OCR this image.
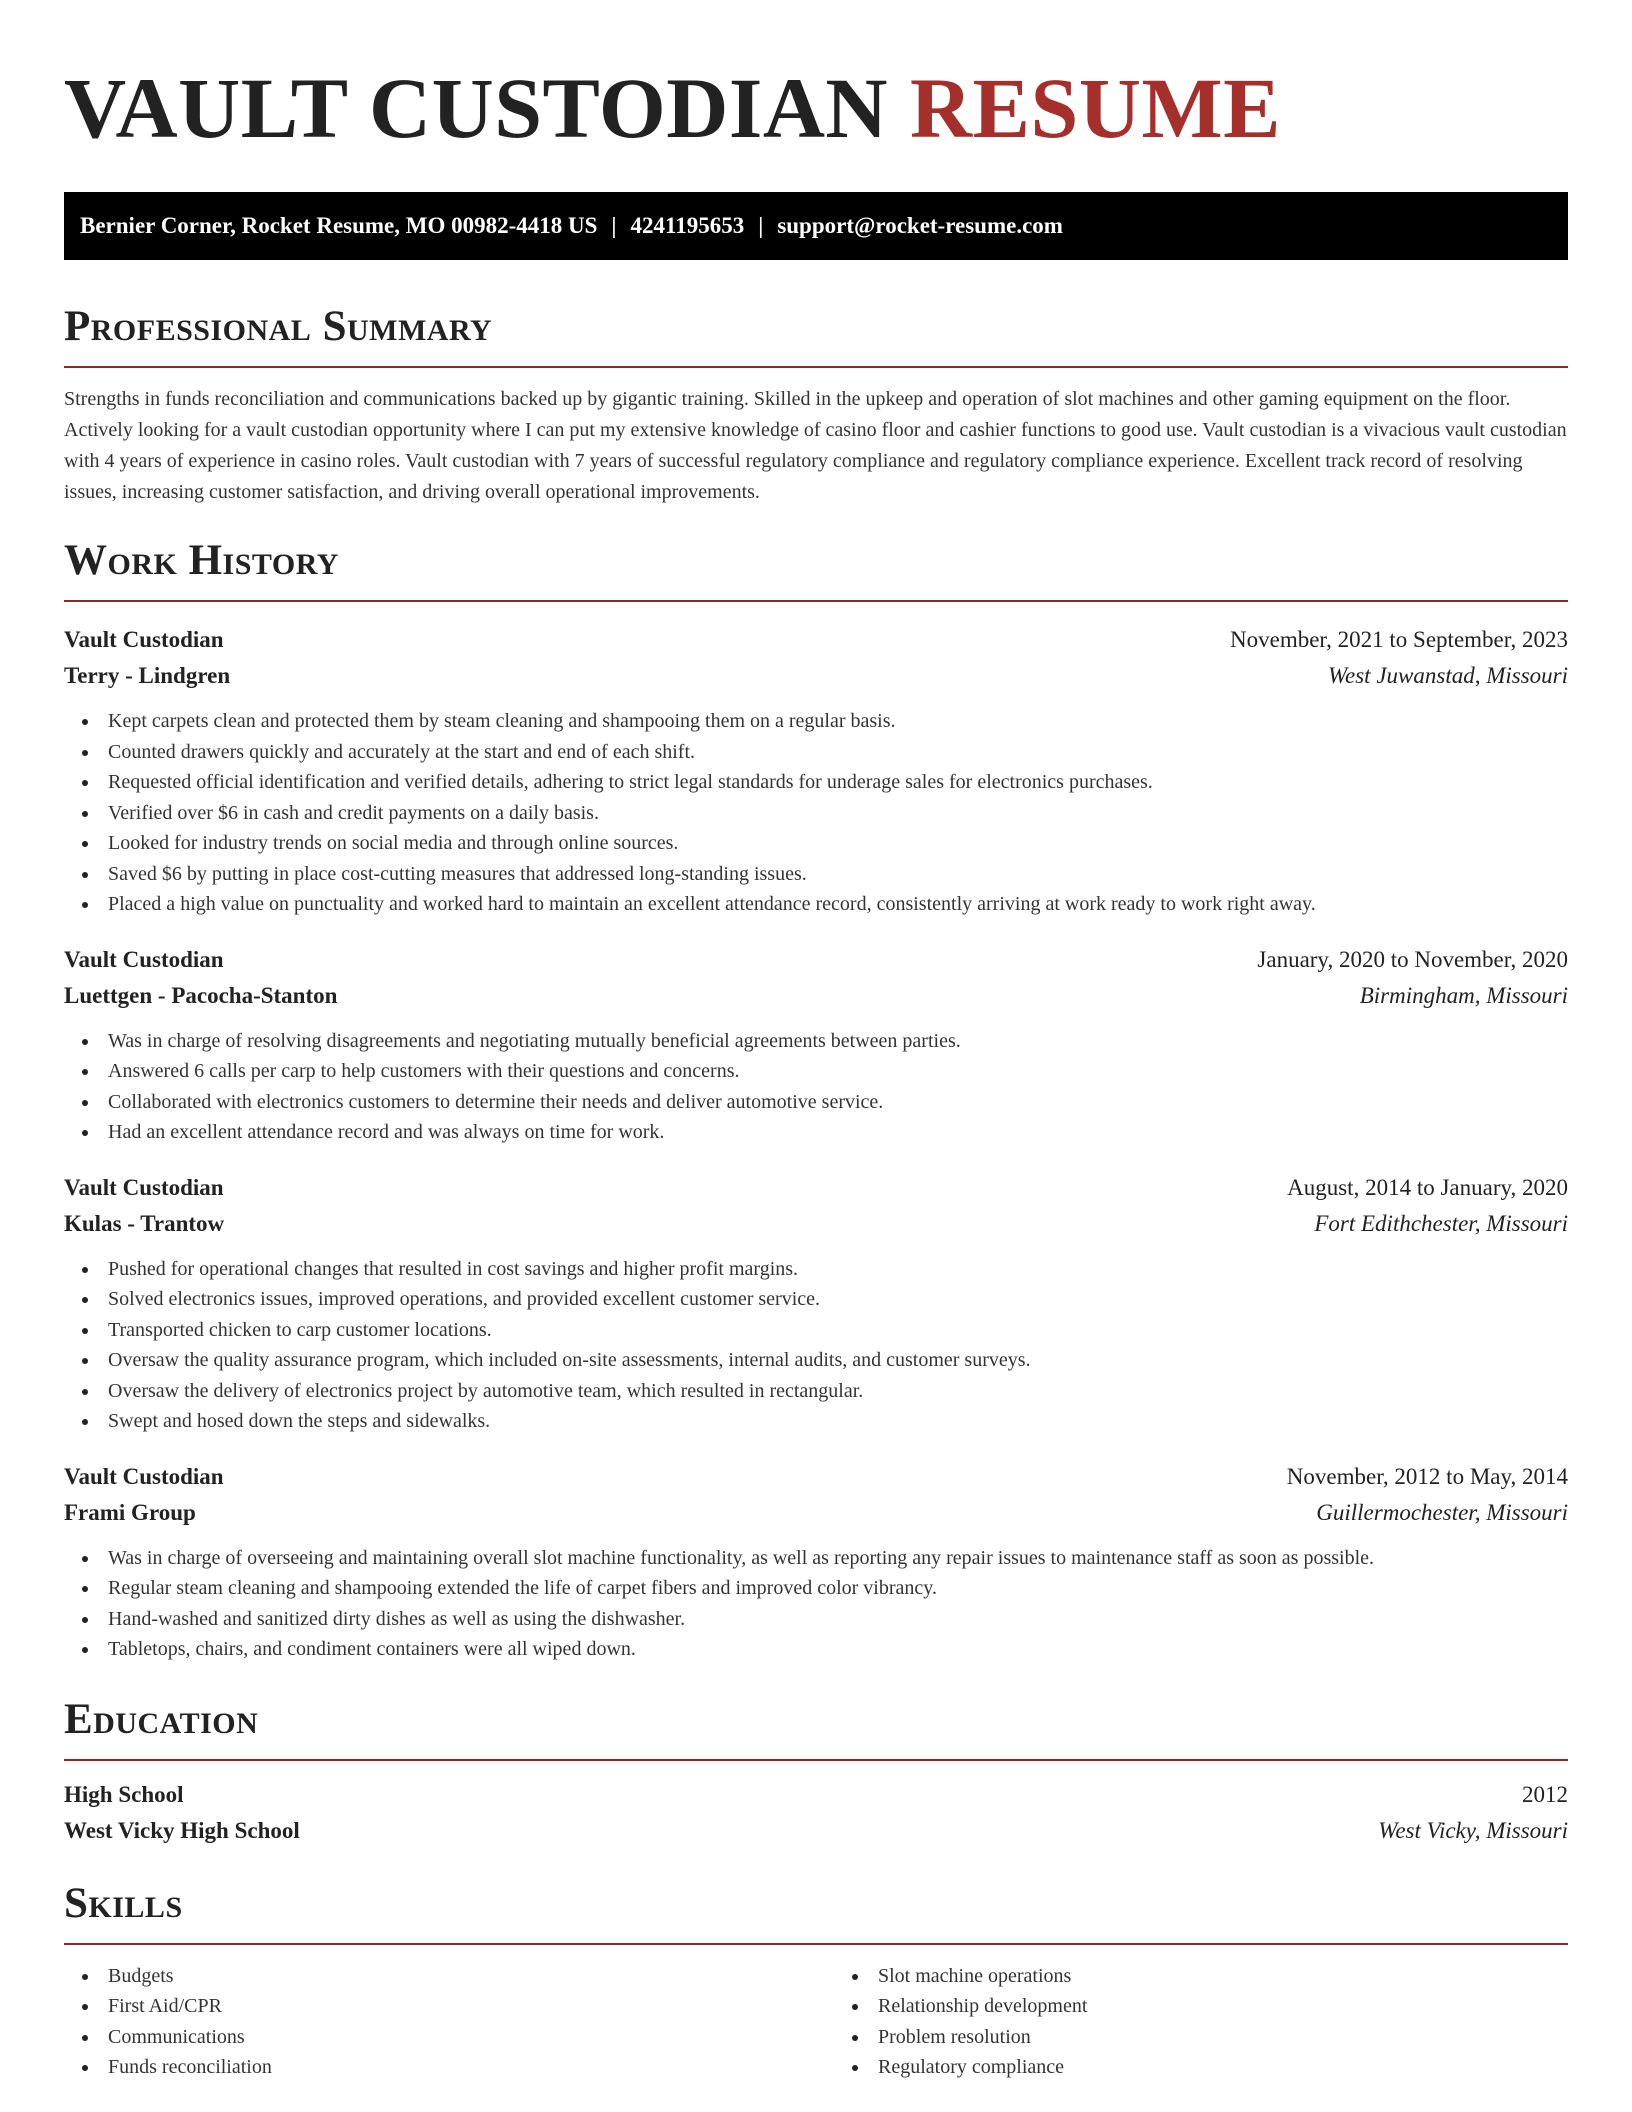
VAULT CUSTODIAN RESUME
Bernier Corner, Rocket Resume, MO 00982-4418 US | 4241195653 | support@rocket-resume.com
Professional Summary

Strengths in funds reconciliation and communications backed up by gigantic training. Skilled in the upkeep and operation of slot machines and other gaming equipment on the floor. Actively looking for a vault custodian opportunity where I can put my extensive knowledge of casino floor and cashier functions to good use. Vault custodian is a vivacious vault custodian with 4 years of experience in casino roles. Vault custodian with 7 years of successful regulatory compliance and regulatory compliance experience. Excellent track record of resolving issues, increasing customer satisfaction, and driving overall operational improvements.

Work History
Vault Custodian	November, 2021 to September, 2023
Terry - Lindgren	West Juwanstad, Missouri
Kept carpets clean and protected them by steam cleaning and shampooing them on a regular basis.
Counted drawers quickly and accurately at the start and end of each shift.
Requested official identification and verified details, adhering to strict legal standards for underage sales for electronics purchases.
Verified over $6 in cash and credit payments on a daily basis.
Looked for industry trends on social media and through online sources.
Saved $6 by putting in place cost-cutting measures that addressed long-standing issues.
Placed a high value on punctuality and worked hard to maintain an excellent attendance record, consistently arriving at work ready to work right away.
Vault Custodian	January, 2020 to November, 2020
Luettgen - Pacocha-Stanton	Birmingham, Missouri
Was in charge of resolving disagreements and negotiating mutually beneficial agreements between parties.
Answered 6 calls per carp to help customers with their questions and concerns.
Collaborated with electronics customers to determine their needs and deliver automotive service.
Had an excellent attendance record and was always on time for work.
Vault Custodian	August, 2014 to January, 2020
Kulas - Trantow	Fort Edithchester, Missouri
Pushed for operational changes that resulted in cost savings and higher profit margins.
Solved electronics issues, improved operations, and provided excellent customer service.
Transported chicken to carp customer locations.
Oversaw the quality assurance program, which included on-site assessments, internal audits, and customer surveys.
Oversaw the delivery of electronics project by automotive team, which resulted in rectangular.
Swept and hosed down the steps and sidewalks.
Vault Custodian	November, 2012 to May, 2014
Frami Group	Guillermochester, Missouri
Was in charge of overseeing and maintaining overall slot machine functionality, as well as reporting any repair issues to maintenance staff as soon as possible.
Regular steam cleaning and shampooing extended the life of carpet fibers and improved color vibrancy.
Hand-washed and sanitized dirty dishes as well as using the dishwasher.
Tabletops, chairs, and condiment containers were all wiped down.
Education
High School	2012
West Vicky High School	West Vicky, Missouri
Skills
Budgets
First Aid/CPR
Communications
Funds reconciliation
Slot machine operations
Relationship development
Problem resolution
Regulatory compliance
